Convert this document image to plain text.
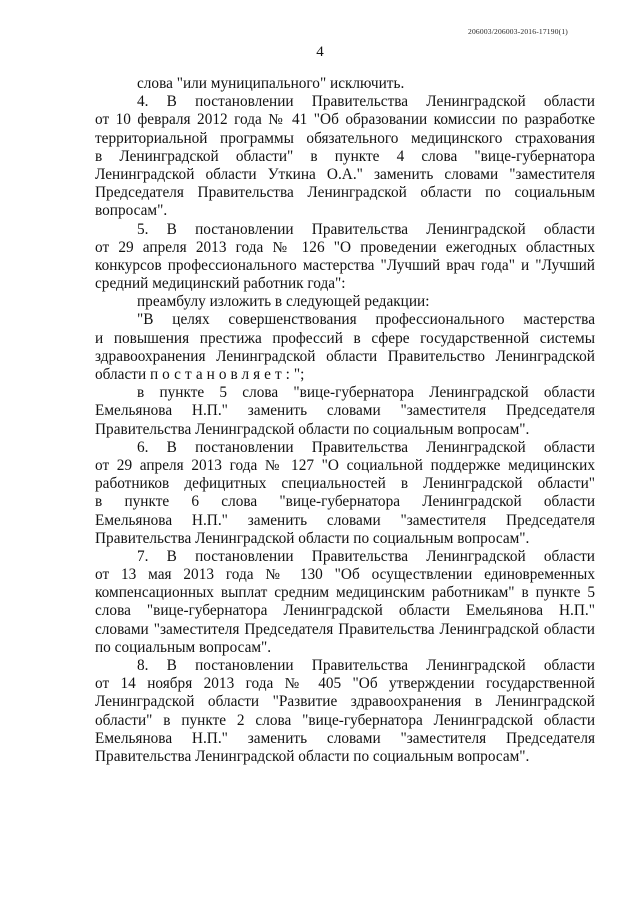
206003/206003-2016-17190(1)
4
слова "или муниципального" исключить.
4. В постановлении Правительства Ленинградской области
от 10 февраля 2012 года № 41 "Об образовании комиссии по разработке
территориальной программы обязательного медицинского страхования
в Ленинградской области" в пункте 4 слова "вице-губернатора
Ленинградской области Уткина О.А." заменить словами "заместителя
Председателя Правительства Ленинградской области по социальным
вопросам".
5. В постановлении Правительства Ленинградской области
от 29 апреля 2013 года № 126 "О проведении ежегодных областных
конкурсов профессионального мастерства "Лучший врач года" и "Лучший
средний медицинский работник года":
преамбулу изложить в следующей редакции:
"В целях совершенствования профессионального мастерства
и повышения престижа профессий в сфере государственной системы
здравоохранения Ленинградской области Правительство Ленинградской
области постановляет:";
в пункте 5 слова "вице-губернатора Ленинградской области
Емельянова Н.П." заменить словами "заместителя Председателя
Правительства Ленинградской области по социальным вопросам".
6. В постановлении Правительства Ленинградской области
от 29 апреля 2013 года № 127 "О социальной поддержке медицинских
работников дефицитных специальностей в Ленинградской области"
в пункте 6 слова "вице-губернатора Ленинградской области
Емельянова Н.П." заменить словами "заместителя Председателя
Правительства Ленинградской области по социальным вопросам".
7. В постановлении Правительства Ленинградской области
от 13 мая 2013 года № 130 "Об осуществлении единовременных
компенсационных выплат средним медицинским работникам" в пункте 5
слова "вице-губернатора Ленинградской области Емельянова Н.П."
словами "заместителя Председателя Правительства Ленинградской области
по социальным вопросам".
8. В постановлении Правительства Ленинградской области
от 14 ноября 2013 года № 405 "Об утверждении государственной
Ленинградской области "Развитие здравоохранения в Ленинградской
области" в пункте 2 слова "вице-губернатора Ленинградской области
Емельянова Н.П." заменить словами "заместителя Председателя
Правительства Ленинградской области по социальным вопросам".
